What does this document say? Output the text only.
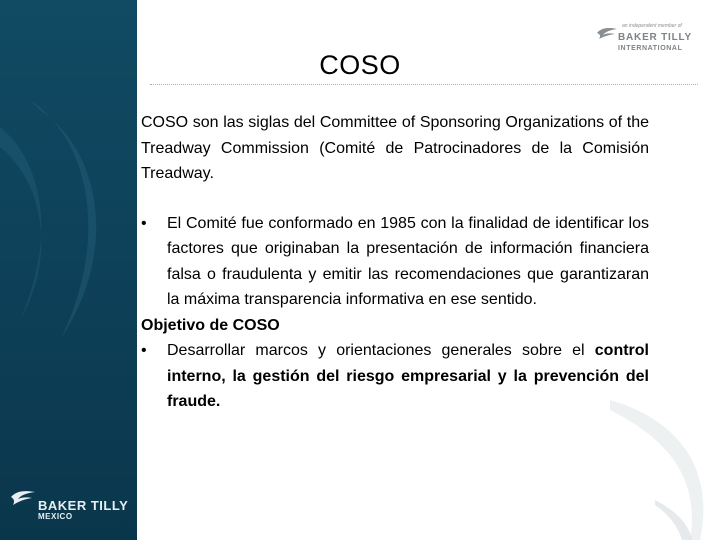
BAKER TILLY
MEXICO
an independent member of
BAKER TILLY
INTERNATIONAL
COSO

COSO son las siglas del Committee of Sponsoring Organizations of the Treadway Commission (Comité de Patrocinadores de la Comisión Treadway.

• El Comité fue conformado en 1985 con la finalidad de identificar los factores que originaban la presentación de información financiera falsa o fraudulenta y emitir las recomendaciones que garantizaran la máxima transparencia informativa en ese sentido.
Objetivo de COSO
• Desarrollar marcos y orientaciones generales sobre el control interno, la gestión del riesgo empresarial y la prevención del fraude.
